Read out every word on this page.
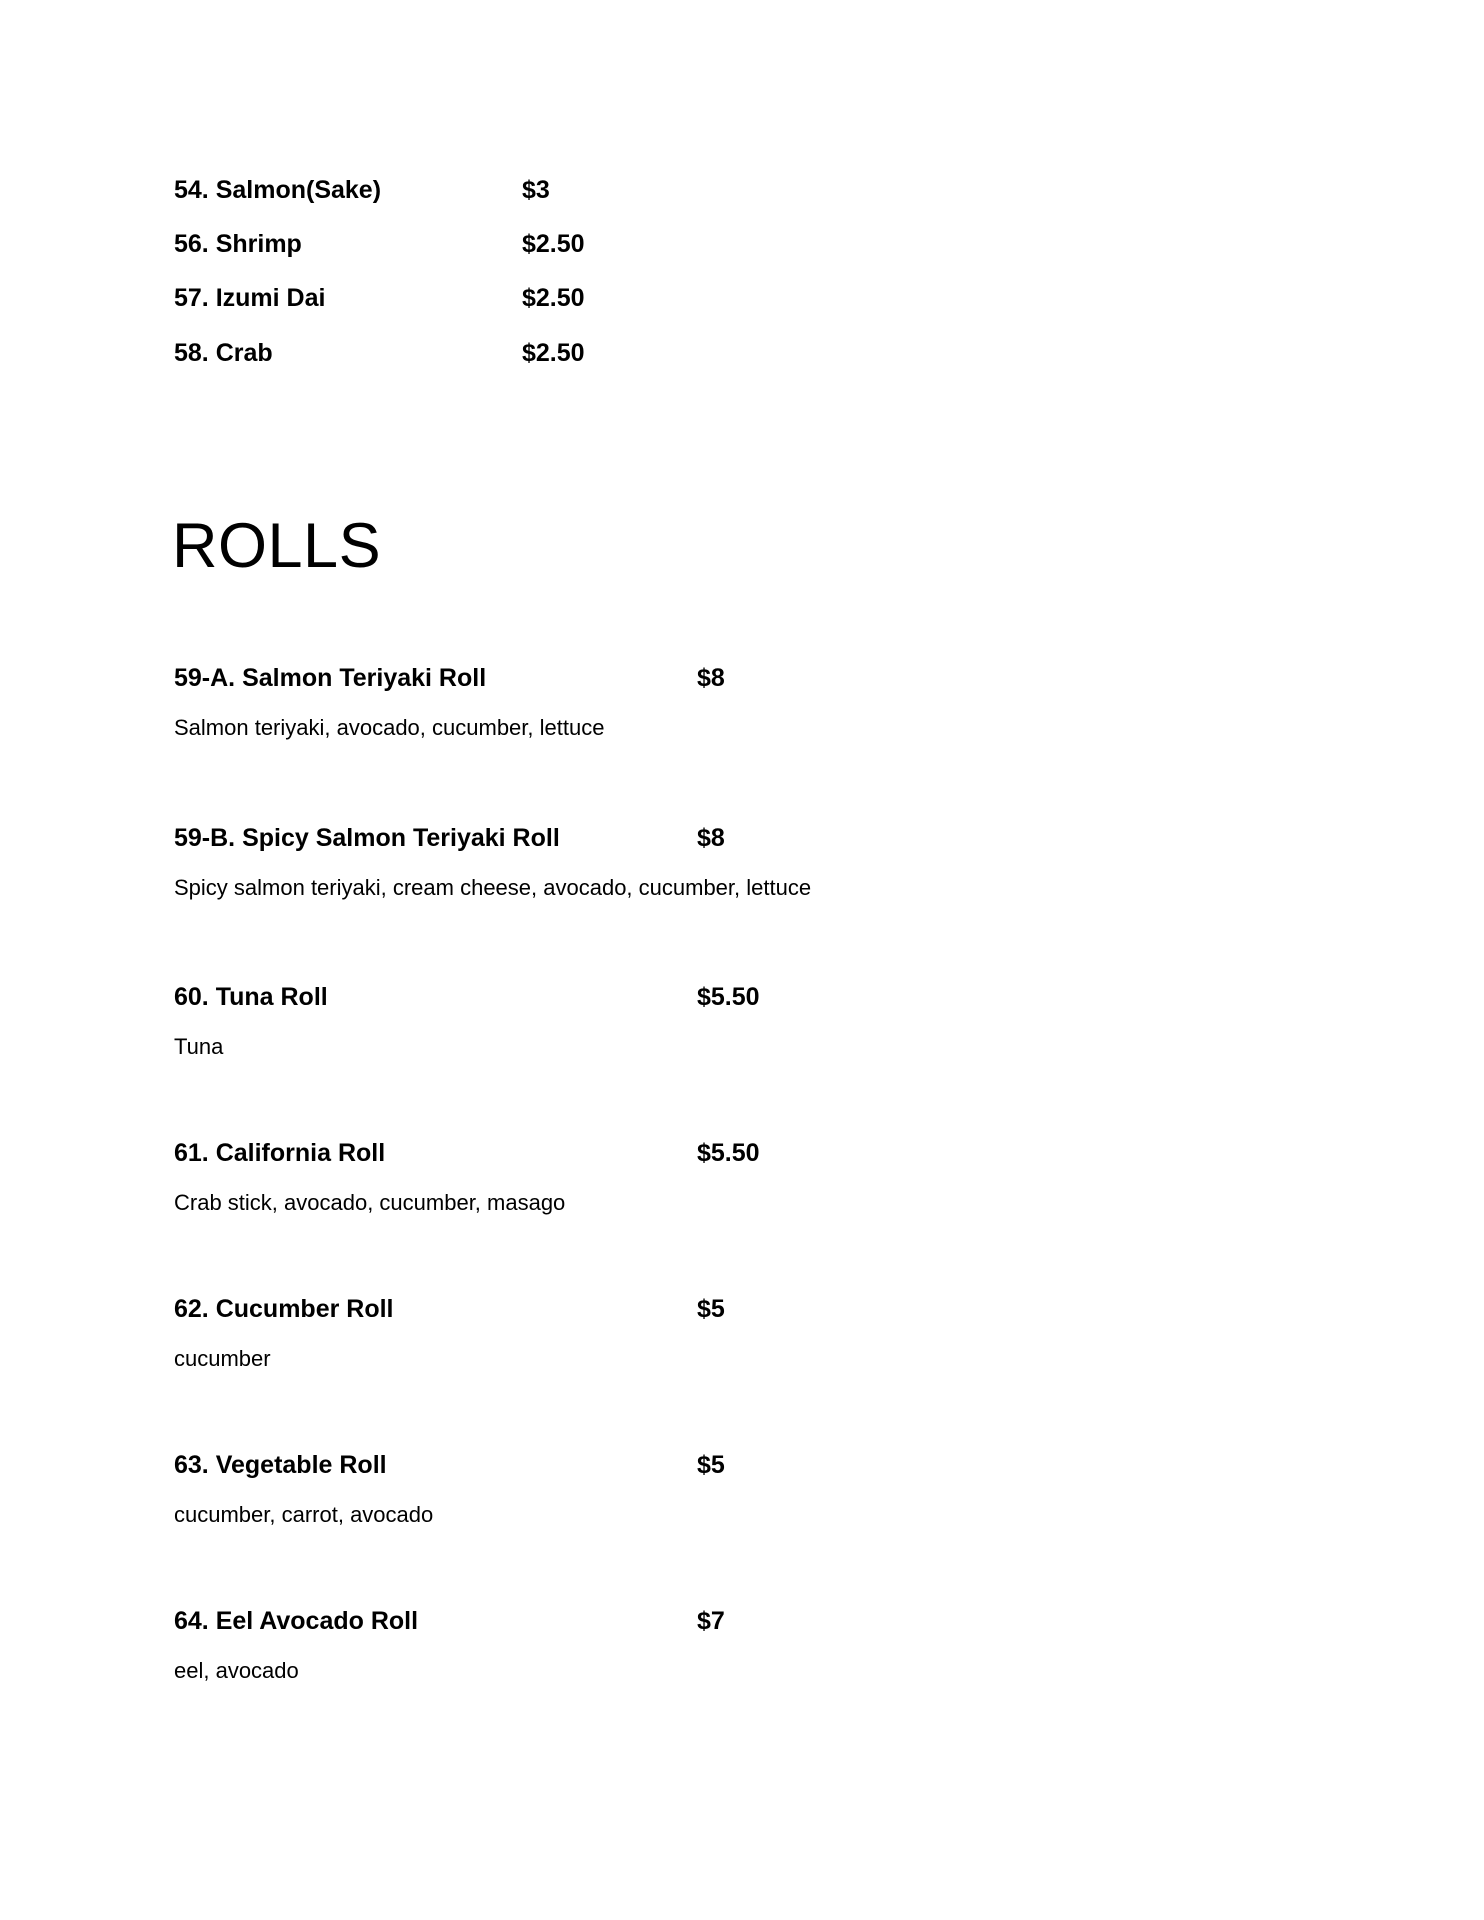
54. Salmon(Sake)	$3
56. Shrimp	$2.50
57. Izumi Dai	$2.50
58. Crab	$2.50
ROLLS
59-A. Salmon Teriyaki Roll	$8
Salmon teriyaki, avocado, cucumber, lettuce
59-B. Spicy Salmon Teriyaki Roll	$8
Spicy salmon teriyaki, cream cheese, avocado, cucumber, lettuce
60. Tuna Roll	$5.50
Tuna
61. California Roll	$5.50
Crab stick, avocado, cucumber, masago
62. Cucumber Roll	$5
cucumber
63. Vegetable Roll	$5
cucumber, carrot, avocado
64. Eel Avocado Roll	$7
eel, avocado
